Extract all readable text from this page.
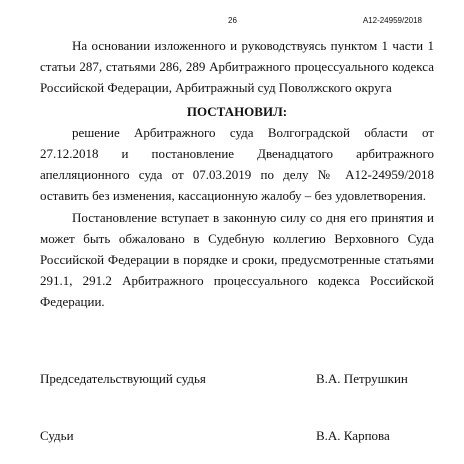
26	А12-24959/2018

На основании изложенного и руководствуясь пунктом 1 части 1 статьи 287, статьями 286, 289 Арбитражного процессуального кодекса Российской Федерации, Арбитражный суд Поволжского округа

ПОСТАНОВИЛ:

решение Арбитражного суда Волгоградской области от 27.12.2018 и постановление Двенадцатого арбитражного апелляционного суда от 07.03.2019 по делу № А12-24959/2018 оставить без изменения, кассационную жалобу – без удовлетворения.

Постановление вступает в законную силу со дня его принятия и может быть обжаловано в Судебную коллегию Верховного Суда Российской Федерации в порядке и сроки, предусмотренные статьями 291.1, 291.2 Арбитражного процессуального кодекса Российской Федерации.

Председательствующий судья	В.А. Петрушкин
Судьи	В.А. Карпова
